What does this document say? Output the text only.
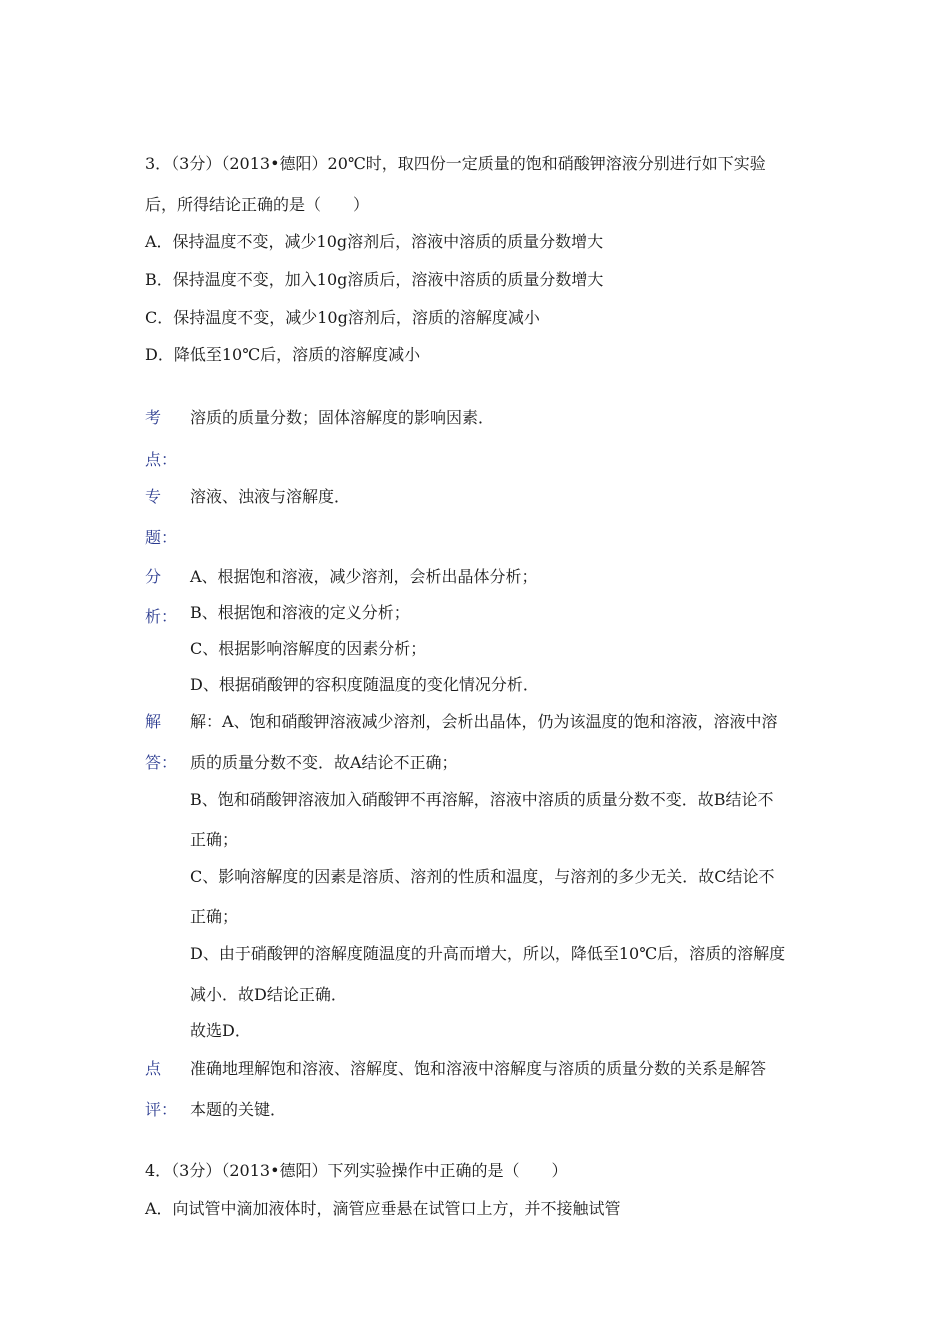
3．（3分）（2013•德阳）20℃时，取四份一定质量的饱和硝酸钾溶液分别进行如下实验
后，所得结论正确的是（　　）
A．保持温度不变，减少10g溶剂后，溶液中溶质的质量分数增大
B．保持温度不变，加入10g溶质后，溶液中溶质的质量分数增大
C．保持温度不变，减少10g溶剂后，溶质的溶解度减小
D．降低至10℃后，溶质的溶解度减小
考
点：
溶质的质量分数；固体溶解度的影响因素．
专
题：
溶液、浊液与溶解度．
分
析：
A、根据饱和溶液，减少溶剂，会析出晶体分析；
B、根据饱和溶液的定义分析；
C、根据影响溶解度的因素分析；
D、根据硝酸钾的容积度随温度的变化情况分析．
解
答：
解：A、饱和硝酸钾溶液减少溶剂，会析出晶体，仍为该温度的饱和溶液，溶液中溶
质的质量分数不变．故A结论不正确；
B、饱和硝酸钾溶液加入硝酸钾不再溶解，溶液中溶质的质量分数不变．故B结论不
正确；
C、影响溶解度的因素是溶质、溶剂的性质和温度，与溶剂的多少无关．故C结论不
正确；
D、由于硝酸钾的溶解度随温度的升高而增大，所以，降低至10℃后，溶质的溶解度
减小．故D结论正确．
故选D．
点
评：
准确地理解饱和溶液、溶解度、饱和溶液中溶解度与溶质的质量分数的关系是解答
本题的关键．
4．（3分）（2013•德阳）下列实验操作中正确的是（　　）
A．向试管中滴加液体时，滴管应垂悬在试管口上方，并不接触试管
